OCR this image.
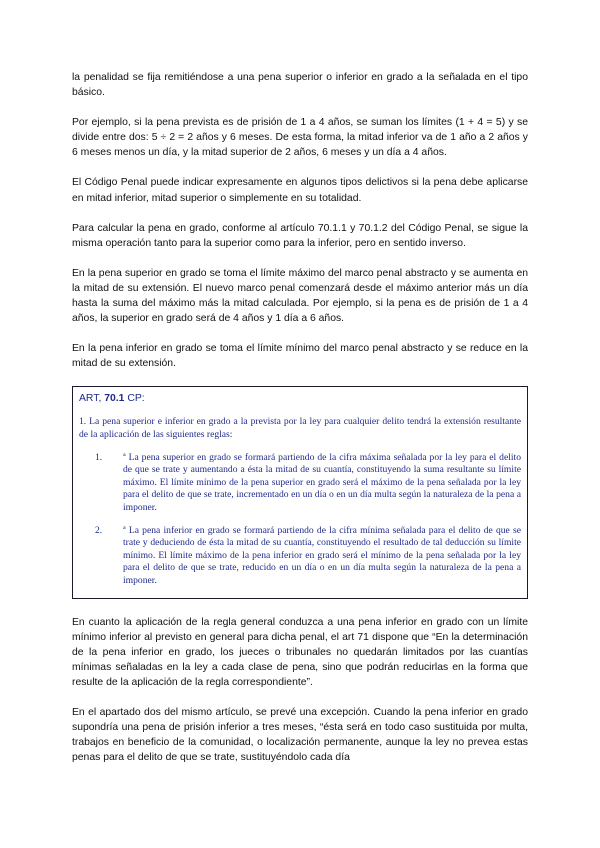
la penalidad se fija remitiéndose a una pena superior o inferior en grado a la señalada en el tipo básico.

Por ejemplo, si la pena prevista es de prisión de 1 a 4 años, se suman los límites (1 + 4 = 5) y se divide entre dos: 5 ÷ 2 = 2 años y 6 meses. De esta forma, la mitad inferior va de 1 año a 2 años y 6 meses menos un día, y la mitad superior de 2 años, 6 meses y un día a 4 años.

El Código Penal puede indicar expresamente en algunos tipos delictivos si la pena debe aplicarse en mitad inferior, mitad superior o simplemente en su totalidad.

Para calcular la pena en grado, conforme al artículo 70.1.1 y 70.1.2 del Código Penal, se sigue la misma operación tanto para la superior como para la inferior, pero en sentido inverso.

En la pena superior en grado se toma el límite máximo del marco penal abstracto y se aumenta en la mitad de su extensión. El nuevo marco penal comenzará desde el máximo anterior más un día hasta la suma del máximo más la mitad calculada. Por ejemplo, si la pena es de prisión de 1 a 4 años, la superior en grado será de 4 años y 1 día a 6 años.

En la pena inferior en grado se toma el límite mínimo del marco penal abstracto y se reduce en la mitad de su extensión.

ART, 70.1 CP:
1. La pena superior e inferior en grado a la prevista por la ley para cualquier delito tendrá la extensión resultante de la aplicación de las siguientes reglas:
1.	ª La pena superior en grado se formará partiendo de la cifra máxima señalada por la ley para el delito de que se trate y aumentando a ésta la mitad de su cuantía, constituyendo la suma resultante su límite máximo. El límite mínimo de la pena superior en grado será el máximo de la pena señalada por la ley para el delito de que se trate, incrementado en un día o en un día multa según la naturaleza de la pena a imponer.
2.	ª La pena inferior en grado se formará partiendo de la cifra mínima señalada para el delito de que se trate y deduciendo de ésta la mitad de su cuantía, constituyendo el resultado de tal deducción su límite mínimo. El límite máximo de la pena inferior en grado será el mínimo de la pena señalada por la ley para el delito de que se trate, reducido en un día o en un día multa según la naturaleza de la pena a imponer.

En cuanto la aplicación de la regla general conduzca a una pena inferior en grado con un límite mínimo inferior al previsto en general para dicha penal, el art 71 dispone que “En la determinación de la pena inferior en grado, los jueces o tribunales no quedarán limitados por las cuantías mínimas señaladas en la ley a cada clase de pena, sino que podrán reducirlas en la forma que resulte de la aplicación de la regla correspondiente”.

En el apartado dos del mismo artículo, se prevé una excepción. Cuando la pena inferior en grado supondría una pena de prisión inferior a tres meses, “ésta será en todo caso sustituida por multa, trabajos en beneficio de la comunidad, o localización permanente, aunque la ley no prevea estas penas para el delito de que se trate, sustituyéndolo cada día
